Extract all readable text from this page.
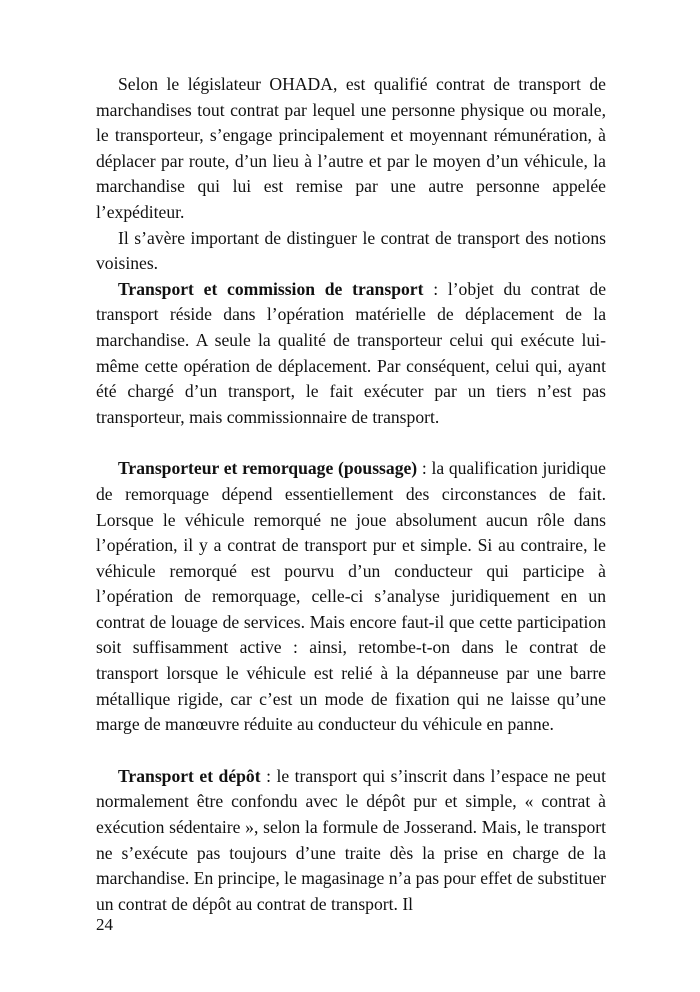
Selon le législateur OHADA, est qualifié contrat de transport de marchandises tout contrat par lequel une personne physique ou morale, le transporteur, s’engage principalement et moyennant rémunération, à déplacer par route, d’un lieu à l’autre et par le moyen d’un véhicule, la marchandise qui lui est remise par une autre personne appelée l’expéditeur.

Il s’avère important de distinguer le contrat de transport des notions voisines.

Transport et commission de transport : l’objet du contrat de transport réside dans l’opération matérielle de déplacement de la marchandise. A seule la qualité de transporteur celui qui exécute lui-même cette opération de déplacement. Par conséquent, celui qui, ayant été chargé d’un transport, le fait exécuter par un tiers n’est pas transporteur, mais commissionnaire de transport.

Transporteur et remorquage (poussage) : la qualification juridique de remorquage dépend essentiellement des circonstances de fait. Lorsque le véhicule remorqué ne joue absolument aucun rôle dans l’opération, il y a contrat de transport pur et simple. Si au contraire, le véhicule remorqué est pourvu d’un conducteur qui participe à l’opération de remorquage, celle-ci s’analyse juridiquement en un contrat de louage de services. Mais encore faut-il que cette participation soit suffisamment active : ainsi, retombe-t-on dans le contrat de transport lorsque le véhicule est relié à la dépanneuse par une barre métallique rigide, car c’est un mode de fixation qui ne laisse qu’une marge de manœuvre réduite au conducteur du véhicule en panne.

Transport et dépôt : le transport qui s’inscrit dans l’espace ne peut normalement être confondu avec le dépôt pur et simple, « contrat à exécution sédentaire », selon la formule de Josserand. Mais, le transport ne s’exécute pas toujours d’une traite dès la prise en charge de la marchandise. En principe, le magasinage n’a pas pour effet de substituer un contrat de dépôt au contrat de transport. Il

24
